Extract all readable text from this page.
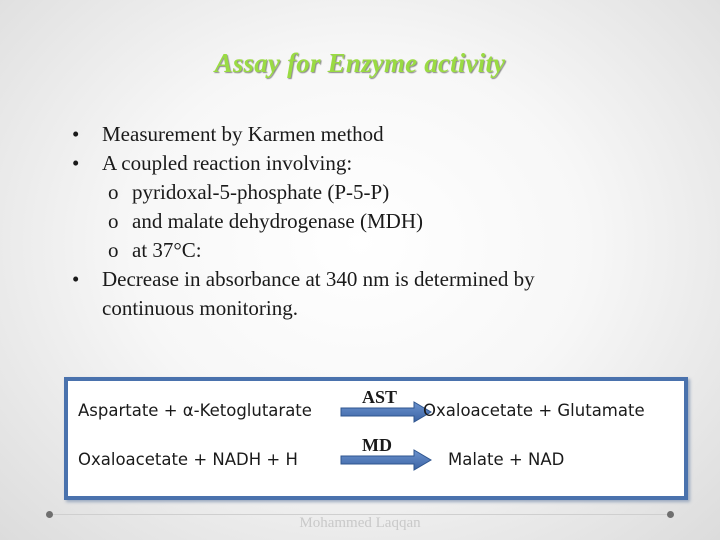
Assay for Enzyme activity
• Measurement by Karmen method
• A coupled reaction involving:
o pyridoxal-5-phosphate (P-5-P)
o and malate dehydrogenase (MDH)
o at 37°C:
• Decrease in absorbance at 340 nm is determined by
continuous monitoring.
Aspartate + α-Ketoglutarate
AST
Oxaloacetate + Glutamate
Oxaloacetate + NADH + H
MD
Malate + NAD
Mohammed Laqqan
